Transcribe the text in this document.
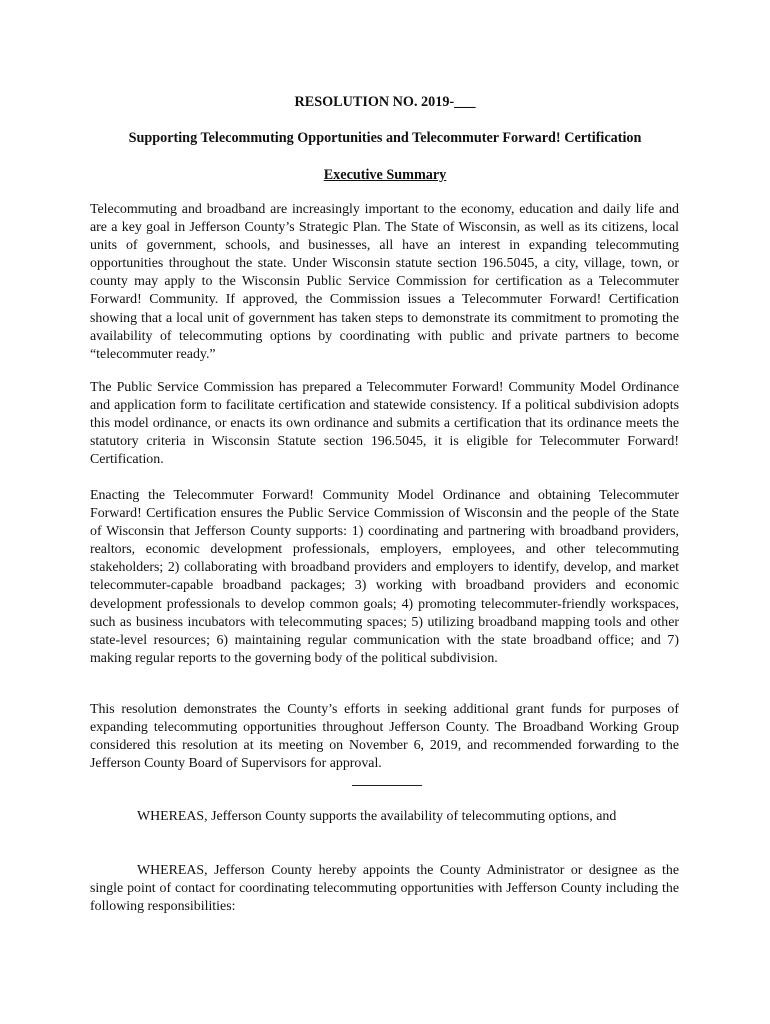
RESOLUTION NO. 2019-___
Supporting Telecommuting Opportunities and Telecommuter Forward! Certification
Executive Summary

Telecommuting and broadband are increasingly important to the economy, education and daily life and are a key goal in Jefferson County’s Strategic Plan. The State of Wisconsin, as well as its citizens, local units of government, schools, and businesses, all have an interest in expanding telecommuting opportunities throughout the state. Under Wisconsin statute section 196.5045, a city, village, town, or county may apply to the Wisconsin Public Service Commission for certification as a Telecommuter Forward! Community. If approved, the Commission issues a Telecommuter Forward! Certification showing that a local unit of government has taken steps to demonstrate its commitment to promoting the availability of telecommuting options by coordinating with public and private partners to become “telecommuter ready.”

The Public Service Commission has prepared a Telecommuter Forward! Community Model Ordinance and application form to facilitate certification and statewide consistency. If a political subdivision adopts this model ordinance, or enacts its own ordinance and submits a certification that its ordinance meets the statutory criteria in Wisconsin Statute section 196.5045, it is eligible for Telecommuter Forward! Certification.

Enacting the Telecommuter Forward! Community Model Ordinance and obtaining Telecommuter Forward! Certification ensures the Public Service Commission of Wisconsin and the people of the State of Wisconsin that Jefferson County supports: 1) coordinating and partnering with broadband providers, realtors, economic development professionals, employers, employees, and other telecommuting stakeholders; 2) collaborating with broadband providers and employers to identify, develop, and market telecommuter-capable broadband packages; 3) working with broadband providers and economic development professionals to develop common goals; 4) promoting telecommuter-friendly workspaces, such as business incubators with telecommuting spaces; 5) utilizing broadband mapping tools and other state-level resources; 6) maintaining regular communication with the state broadband office; and 7) making regular reports to the governing body of the political subdivision.

This resolution demonstrates the County’s efforts in seeking additional grant funds for purposes of expanding telecommuting opportunities throughout Jefferson County. The Broadband Working Group considered this resolution at its meeting on November 6, 2019, and recommended forwarding to the Jefferson County Board of Supervisors for approval.

WHEREAS, Jefferson County supports the availability of telecommuting options, and

WHEREAS, Jefferson County hereby appoints the County Administrator or designee as the single point of contact for coordinating telecommuting opportunities with Jefferson County including the following responsibilities:
